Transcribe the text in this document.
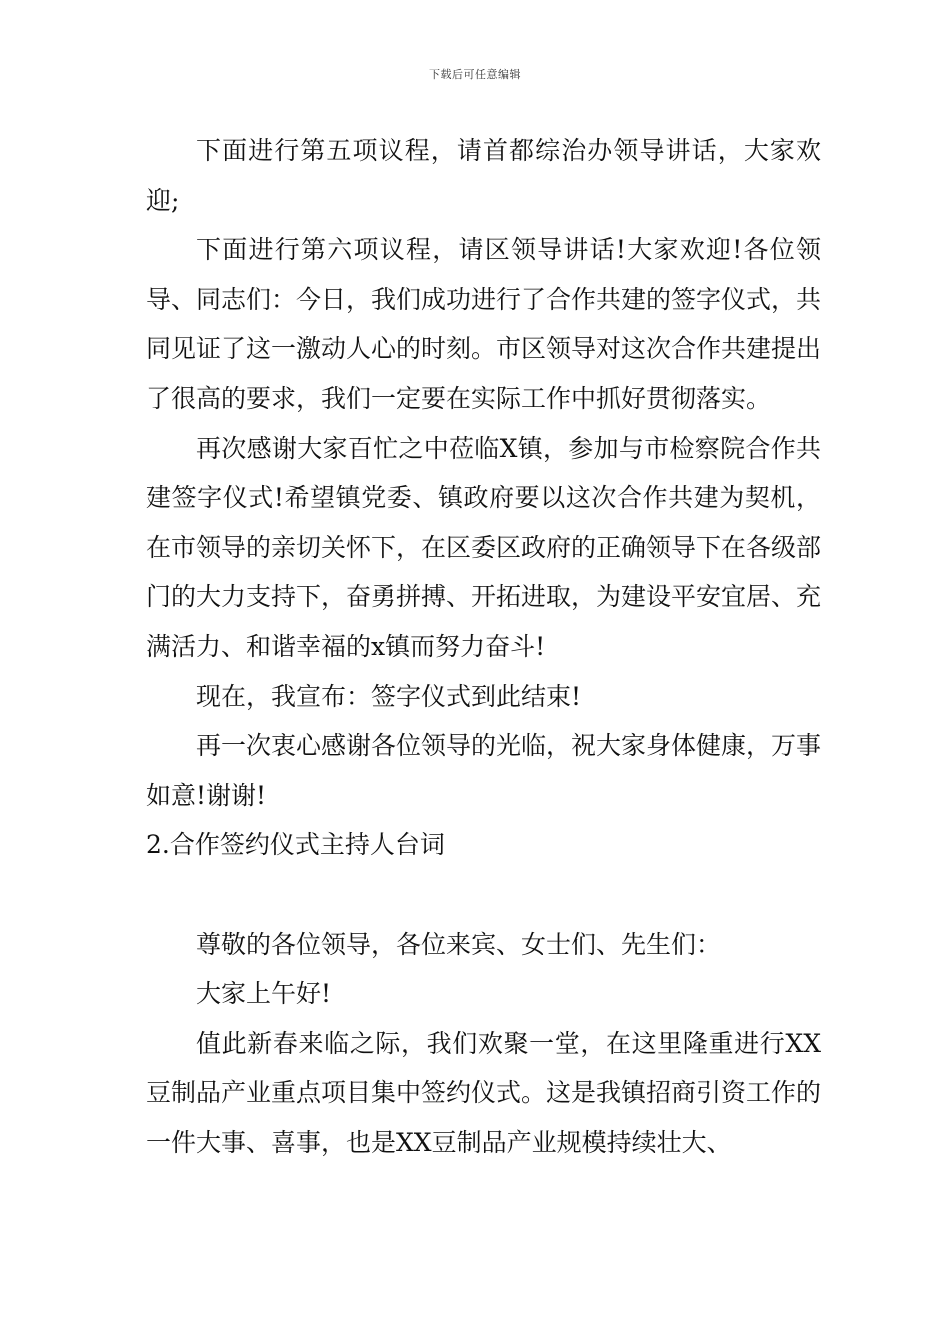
下载后可任意编辑

下面进行第五项议程，请首都综治办领导讲话，大家欢迎;

下面进行第六项议程，请区领导讲话!大家欢迎!各位领导、同志们：今日，我们成功进行了合作共建的签字仪式，共同见证了这一激动人心的时刻。市区领导对这次合作共建提出了很高的要求，我们一定要在实际工作中抓好贯彻落实。

再次感谢大家百忙之中莅临X镇，参加与市检察院合作共建签字仪式!希望镇党委、镇政府要以这次合作共建为契机，在市领导的亲切关怀下，在区委区政府的正确领导下在各级部门的大力支持下，奋勇拼搏、开拓进取，为建设平安宜居、充满活力、和谐幸福的x镇而努力奋斗!

现在，我宣布：签字仪式到此结束!

再一次衷心感谢各位领导的光临，祝大家身体健康，万事如意!谢谢!

2.合作签约仪式主持人台词

尊敬的各位领导，各位来宾、女士们、先生们：

大家上午好!

值此新春来临之际，我们欢聚一堂，在这里隆重进行XX豆制品产业重点项目集中签约仪式。这是我镇招商引资工作的一件大事、喜事，也是XX豆制品产业规模持续壮大、
